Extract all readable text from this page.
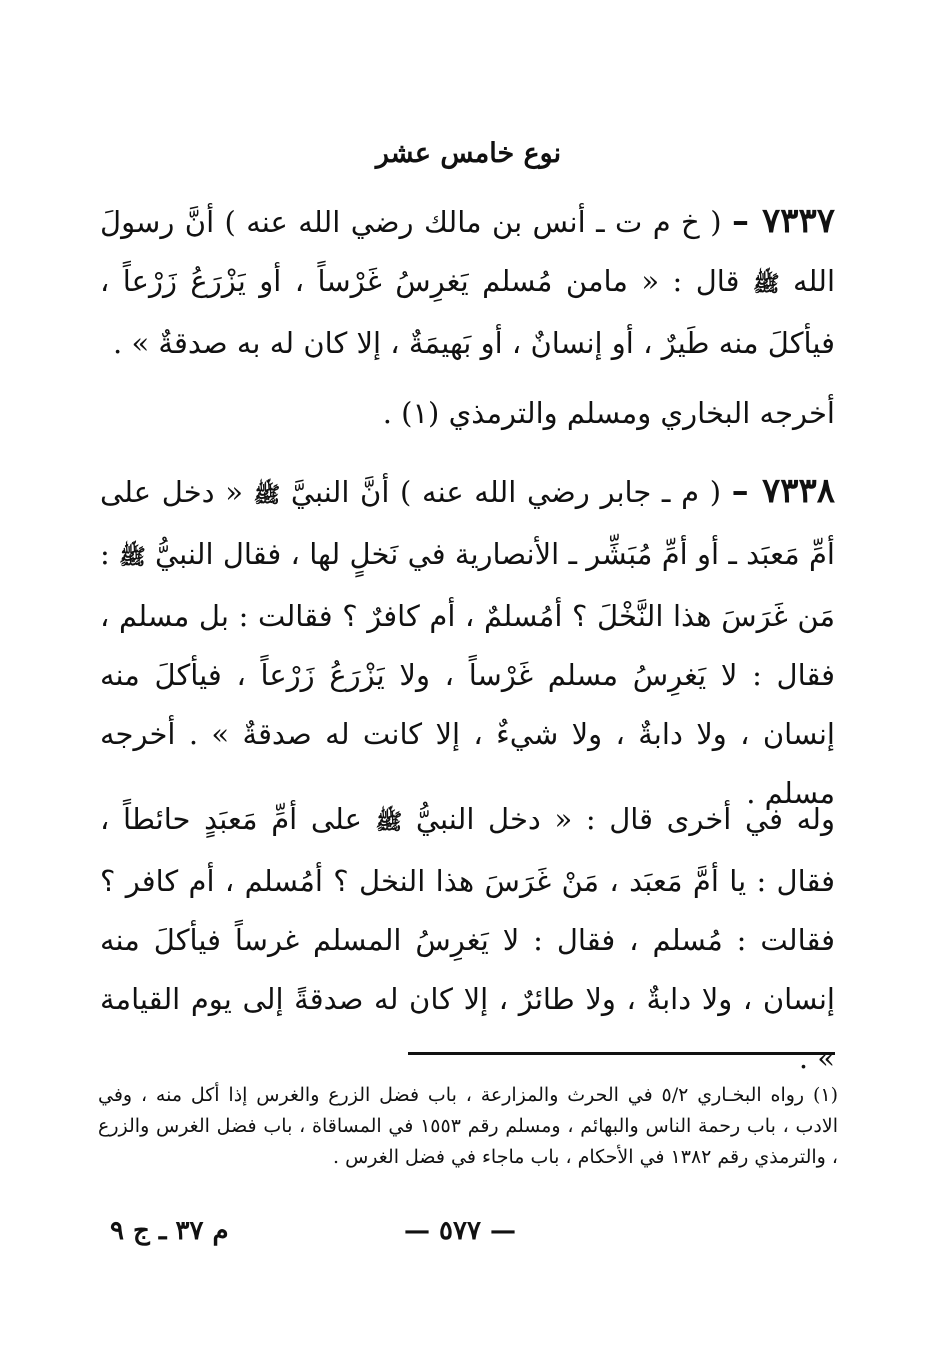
نوع خامس عشر
٧٣٣٧ – ( خ م ت ـ أنس بن مالك رضي الله عنه ) أنَّ رسولَ الله ﷺ قال : « مامن مُسلم يَغرِسُ غَرْساً ، أو يَزْرَعُ زَرْعاً ، فيأكلَ منه طَيرٌ ، أو إنسانٌ ، أو بَهيمَةٌ ، إلا كان له به صدقةٌ » .
أخرجه البخاري ومسلم والترمذي (١) .
٧٣٣٨ – ( م ـ جابر رضي الله عنه ) أنَّ النبيَّ ﷺ « دخل على أمِّ مَعبَد ـ أو أمِّ مُبَشِّر ـ الأنصارية في نَخلٍ لها ، فقال النبيُّ ﷺ : مَن غَرَسَ هذا النَّخْلَ ؟ أمُسلمٌ ، أم كافرٌ ؟ فقالت : بل مسلم ، فقال : لا يَغرِسُ مسلم غَرْساً ، ولا يَزْرَعُ زَرْعاً ، فيأكلَ منه إنسان ، ولا دابةٌ ، ولا شيءٌ ، إلا كانت له صدقةٌ » . أخرجه مسلم .
وله في أخرى قال : « دخل النبيُّ ﷺ على أمِّ مَعبَدٍ حائطاً ، فقال : يا أمَّ مَعبَد ، مَنْ غَرَسَ هذا النخل ؟ أمُسلم ، أم كافر ؟ فقالت : مُسلم ، فقال : لا يَغرِسُ المسلم غرساً فيأكلَ منه إنسان ، ولا دابةٌ ، ولا طائرٌ ، إلا كان له صدقةً إلى يوم القيامة » .
(١) رواه البخـاري ٥/٢ في الحرث والمزارعة ، باب فضل الزرع والغرس إذا أكل منه ، وفي الادب ، باب رحمة الناس والبهائم ، ومسلم رقم ١٥٥٣ في المساقاة ، باب فضل الغرس والزرع ، والترمذي رقم ١٣٨٢ في الأحكام ، باب ماجاء في فضل الغرس .
— ٥٧٧ —
م ٣٧ ـ ج ٩
